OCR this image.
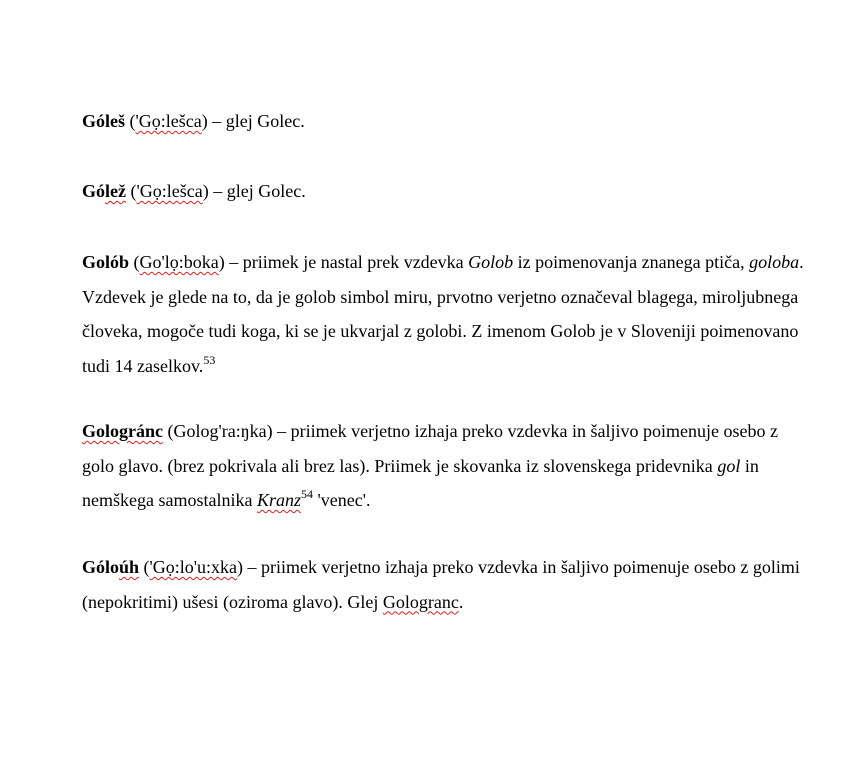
Góleš ('Gọ:lešca) – glej Golec.

Gólež ('Gọ:lešca) – glej Golec.

Golób (Go'lọ:boka) – priimek je nastal prek vzdevka Golob iz poimenovanja znanega ptiča, goloba. Vzdevek je glede na to, da je golob simbol miru, prvotno verjetno označeval blagega, miroljubnega človeka, mogoče tudi koga, ki se je ukvarjal z golobi. Z imenom Golob je v Sloveniji poimenovano tudi 14 zaselkov.$^{53}$

Gologránc (Golog'ra:ŋka) – priimek verjetno izhaja preko vzdevka in šaljivo poimenuje osebo z golo glavo. (brez pokrivala ali brez las). Priimek je skovanka iz slovenskega pridevnika gol in nemškega samostalnika Kranz$^{54}$ 'venec'.

Góloúh ('Gọ:lo'u:xka) – priimek verjetno izhaja preko vzdevka in šaljivo poimenuje osebo z golimi (nepokritimi) ušesi (oziroma glavo). Glej Gologranc.
